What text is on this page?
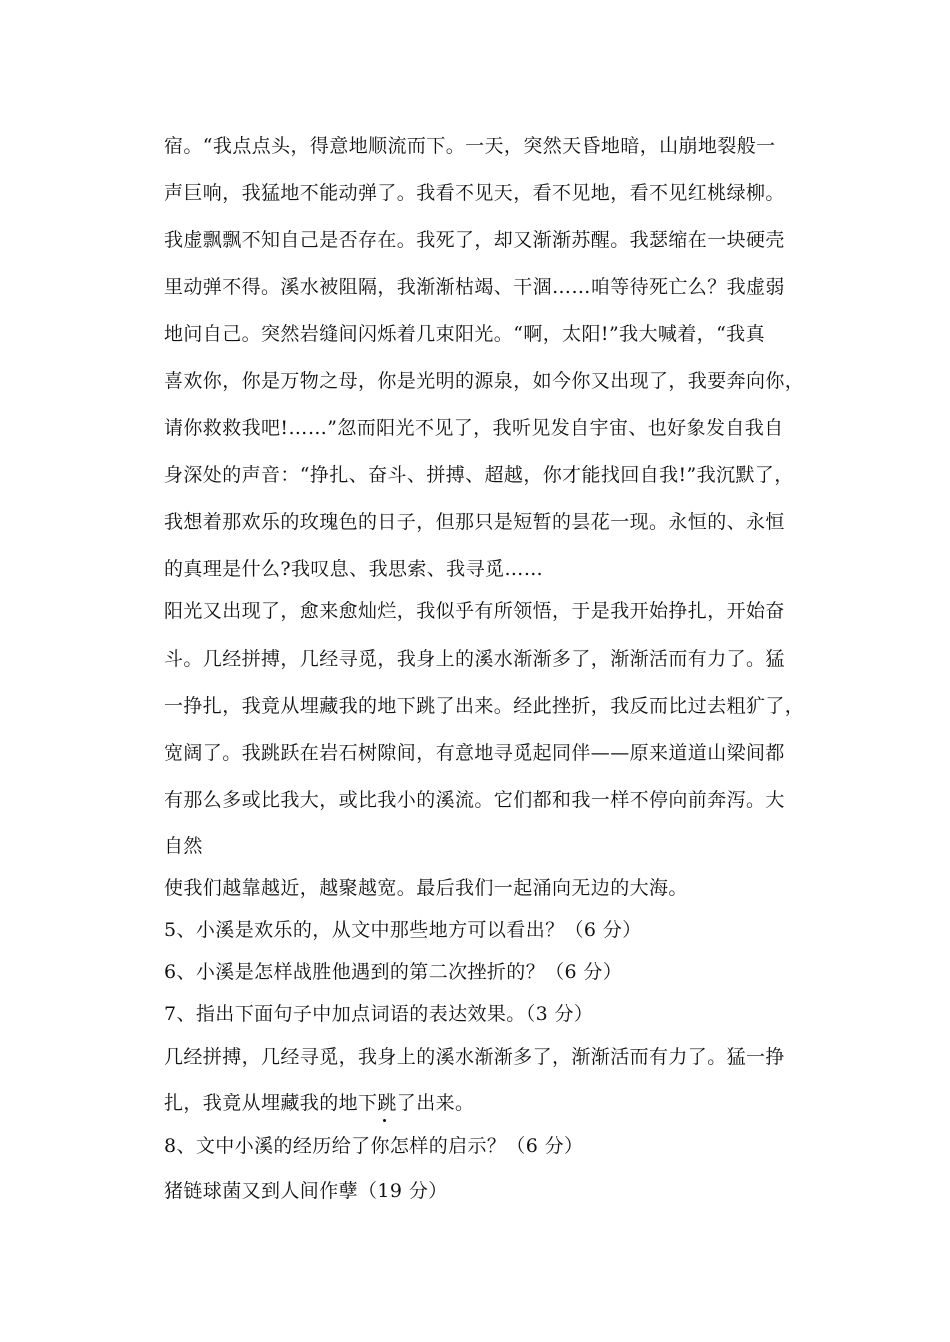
宿。“我点点头，得意地顺流而下。一天，突然天昏地暗，山崩地裂般一
声巨响，我猛地不能动弹了。我看不见天，看不见地，看不见红桃绿柳。
我虚飘飘不知自己是否存在。我死了，却又渐渐苏醒。我瑟缩在一块硬壳
里动弹不得。溪水被阻隔，我渐渐枯竭、干涸……咱等待死亡么？我虚弱
地问自己。突然岩缝间闪烁着几束阳光。“啊，太阳!”我大喊着，“我真
喜欢你，你是万物之母，你是光明的源泉，如今你又出现了，我要奔向你，
请你救救我吧!……”忽而阳光不见了，我听见发自宇宙、也好象发自我自
身深处的声音：“挣扎、奋斗、拼搏、超越，你才能找回自我!”我沉默了，
我想着那欢乐的玫瑰色的日子，但那只是短暂的昙花一现。永恒的、永恒
的真理是什么?我叹息、我思索、我寻觅……
阳光又出现了，愈来愈灿烂，我似乎有所领悟，于是我开始挣扎，开始奋
斗。几经拼搏，几经寻觅，我身上的溪水渐渐多了，渐渐活而有力了。猛
一挣扎，我竟从埋藏我的地下跳了出来。经此挫折，我反而比过去粗犷了，
宽阔了。我跳跃在岩石树隙间，有意地寻觅起同伴——原来道道山梁间都
有那么多或比我大，或比我小的溪流。它们都和我一样不停向前奔泻。大
自然
使我们越靠越近，越聚越宽。最后我们一起涌向无边的大海。
5、小溪是欢乐的，从文中那些地方可以看出？（6 分）
6、小溪是怎样战胜他遇到的第二次挫折的？（6 分）
7、指出下面句子中加点词语的表达效果。（3 分）
几经拼搏，几经寻觅，我身上的溪水渐渐多了，渐渐活而有力了。猛一挣
扎，我竟从埋藏我的地下跳了出来。
8、文中小溪的经历给了你怎样的启示？（6 分）
猪链球菌又到人间作孽（19 分）
